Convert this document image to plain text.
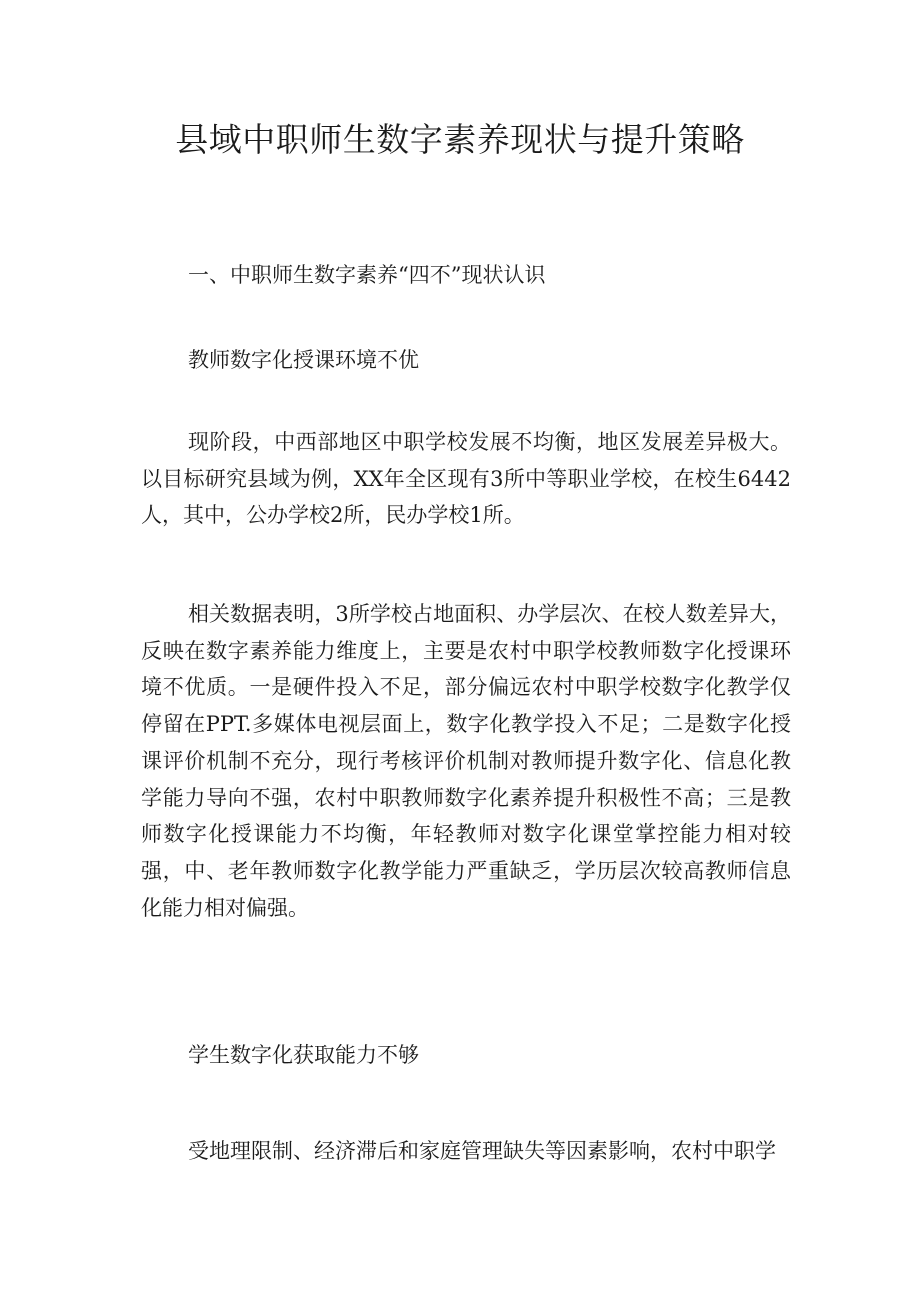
县域中职师生数字素养现状与提升策略

一、中职师生数字素养“四不”现状认识

教师数字化授课环境不优

现阶段，中西部地区中职学校发展不均衡，地区发展差异极大。以目标研究县域为例，XX年全区现有3所中等职业学校，在校生6442人，其中，公办学校2所，民办学校1所。

相关数据表明，3所学校占地面积、办学层次、在校人数差异大，反映在数字素养能力维度上，主要是农村中职学校教师数字化授课环境不优质。一是硬件投入不足，部分偏远农村中职学校数字化教学仅停留在PPT.多媒体电视层面上，数字化教学投入不足；二是数字化授课评价机制不充分，现行考核评价机制对教师提升数字化、信息化教学能力导向不强，农村中职教师数字化素养提升积极性不高；三是教师数字化授课能力不均衡，年轻教师对数字化课堂掌控能力相对较强，中、老年教师数字化教学能力严重缺乏，学历层次较高教师信息化能力相对偏强。

学生数字化获取能力不够

受地理限制、经济滞后和家庭管理缺失等因素影响，农村中职学
